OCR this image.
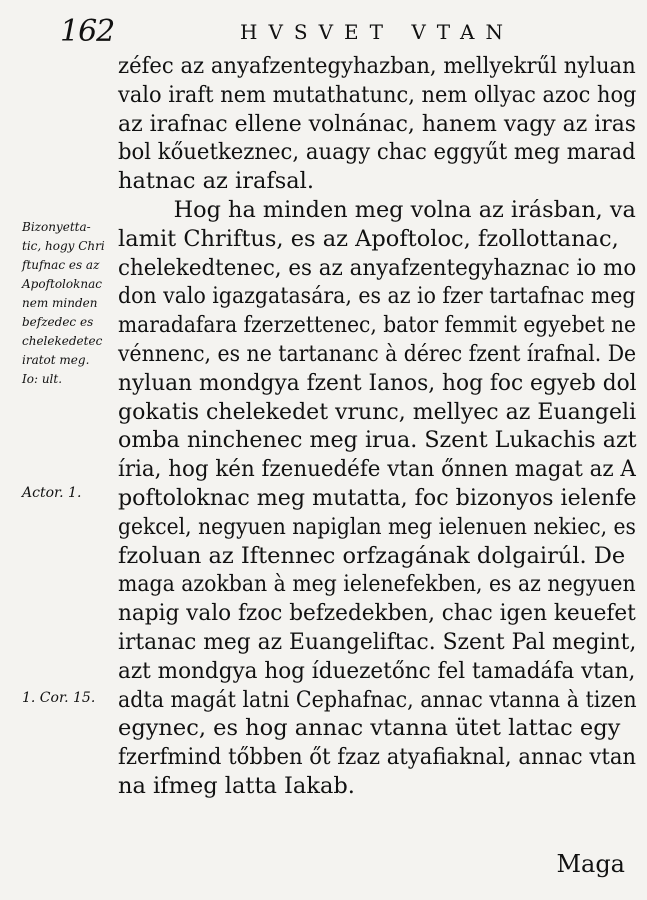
162	HVSVET VTAN
Bizonyetta-
tic, hogy Chri
ftufnac es az
Apoftoloknac
nem minden
befzedec es
chelekedetec
iratot meg.
Io: ult.
Actor. 1.
1. Cor. 15.
zéfec az anyafzentegyhazban, mellyekrűl nyluan
valo iraft nem mutathatunc, nem ollyac azoc hog
az irafnac ellene volnánac, hanem vagy az iras
bol kőuetkeznec, auagy chac eggyűt meg marad
hatnac az irafsal.
Hog ha minden meg volna az irásban, va
lamit Chriftus, es az Apoftoloc, fzollottanac,
chelekedtenec, es az anyafzentegyhaznac io mo
don valo igazgatasára, es az io fzer tartafnac meg
maradafara fzerzettenec, bator femmit egyebet ne
vénnenc, es ne tartananc à dérec fzent írafnal. De
nyluan mondgya fzent Ianos, hog foc egyeb dol
gokatis chelekedet vrunc, mellyec az Euangeli
omba ninchenec meg irua. Szent Lukachis azt
íria, hog kén fzenuedéfe vtan őnnen magat az A
poftoloknac meg mutatta, foc bizonyos ielenfe
gekcel, negyuen napiglan meg ielenuen nekiec, es
fzoluan az Iftennec orfzagának dolgairúl. De
maga azokban à meg ielenefekben, es az negyuen
napig valo fzoc befzedekben, chac igen keuefet
irtanac meg az Euangeliftac. Szent Pal megint,
azt mondgya hog íduezetőnc fel tamadáfa vtan,
adta magát latni Cephafnac, annac vtanna à tizen
egynec, es hog annac vtanna ütet lattac egy
fzerfmind tőbben őt fzaz atyafiaknal, annac vtan
na ifmeg latta Iakab.
Maga
